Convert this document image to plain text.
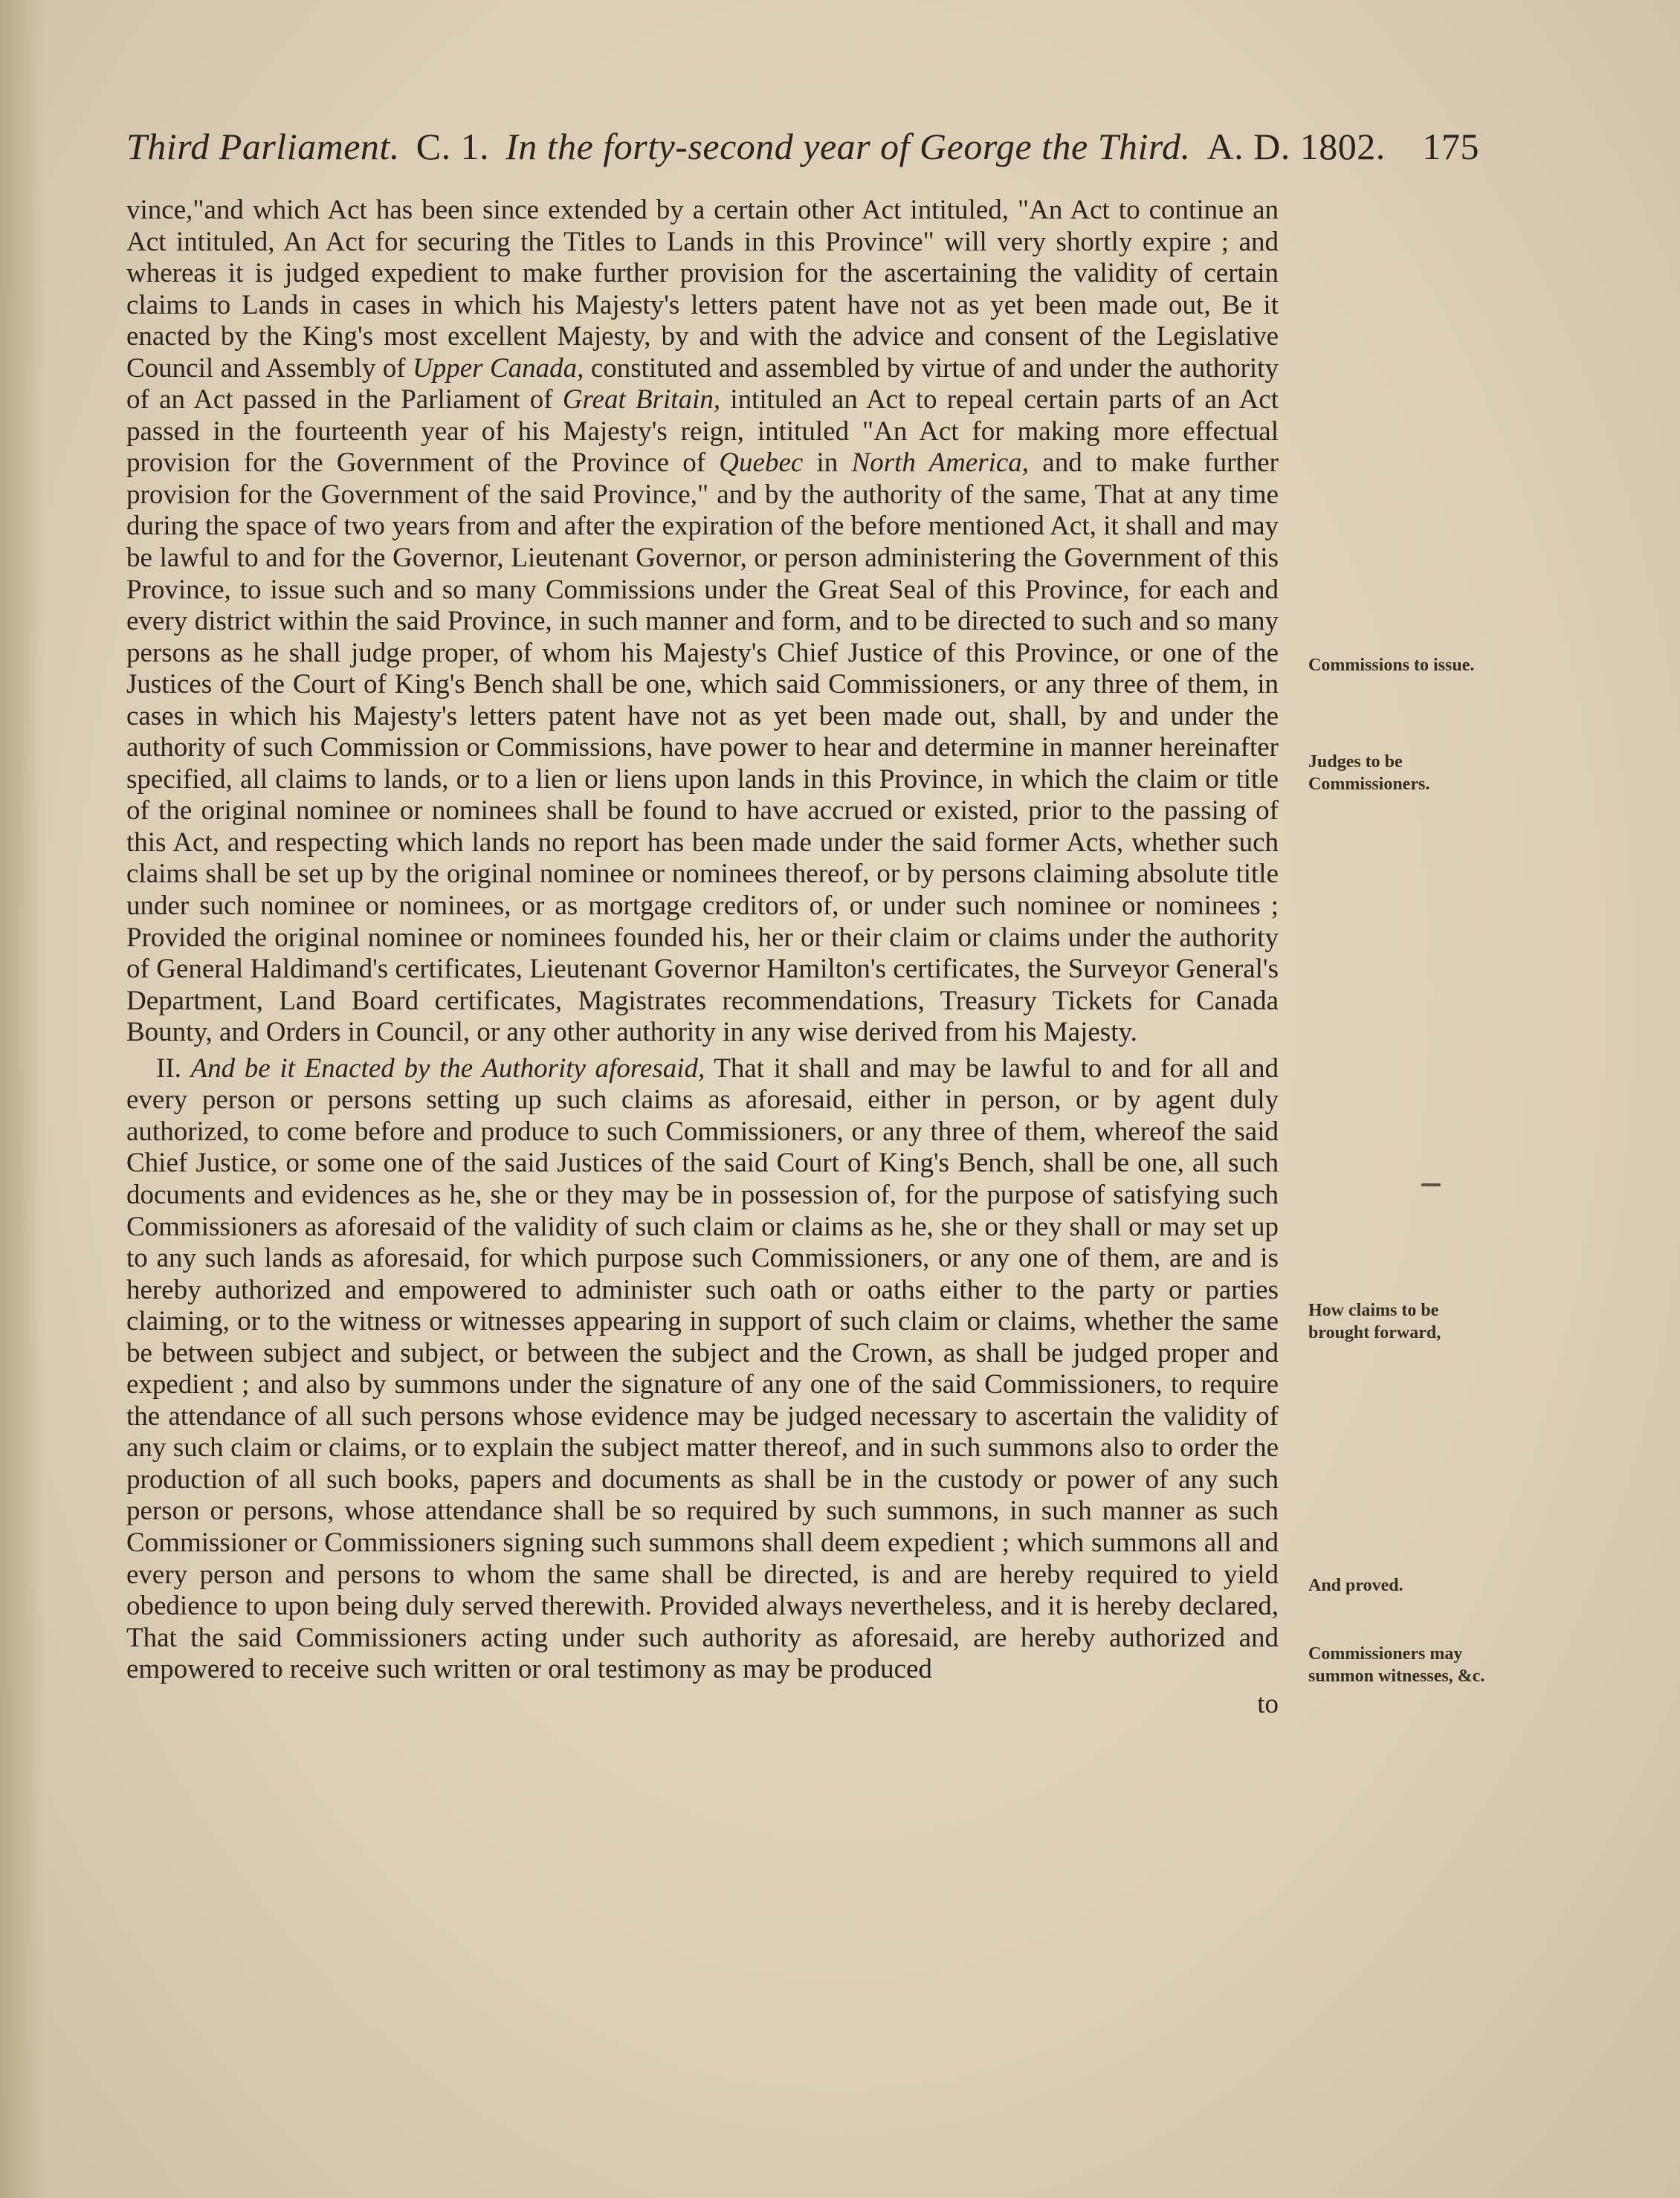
Third Parliament. C. 1. In the forty-second year of George the Third. A. D. 1802. 175

vince,"and which Act has been since extended by a certain other Act intituled, "An Act to continue an Act intituled, An Act for securing the Titles to Lands in this Province" will very shortly expire ; and whereas it is judged expedient to make further provision for the ascertaining the validity of certain claims to Lands in cases in which his Majesty's letters patent have not as yet been made out, Be it enacted by the King's most excellent Majesty, by and with the advice and consent of the Legislative Council and Assembly of Upper Canada, constituted and assembled by virtue of and under the authority of an Act passed in the Parliament of Great Britain, intituled an Act to repeal certain parts of an Act passed in the fourteenth year of his Majesty's reign, intituled "An Act for making more effectual provision for the Government of the Province of Quebec in North America, and to make further provision for the Government of the said Province," and by the authority of the same, That at any time during the space of two years from and after the expiration of the before mentioned Act, it shall and may be lawful to and for the Governor, Lieutenant Governor, or person administering the Government of this Province, to issue such and so many Commissions under the Great Seal of this Province, for each and every district within the said Province, in such manner and form, and to be directed to such and so many persons as he shall judge proper, of whom his Majesty's Chief Justice of this Province, or one of the Justices of the Court of King's Bench shall be one, which said Commissioners, or any three of them, in cases in which his Majesty's letters patent have not as yet been made out, shall, by and under the authority of such Commission or Commissions, have power to hear and determine in manner hereinafter specified, all claims to lands, or to a lien or liens upon lands in this Province, in which the claim or title of the original nominee or nominees shall be found to have accrued or existed, prior to the passing of this Act, and respecting which lands no report has been made under the said former Acts, whether such claims shall be set up by the original nominee or nominees thereof, or by persons claiming absolute title under such nominee or nominees, or as mortgage creditors of, or under such nominee or nominees ; Provided the original nominee or nominees founded his, her or their claim or claims under the authority of General Haldimand's certificates, Lieutenant Governor Hamilton's certificates, the Surveyor General's Department, Land Board certificates, Magistrates recommendations, Treasury Tickets for Canada Bounty, and Orders in Council, or any other authority in any wise derived from his Majesty.

II. And be it Enacted by the Authority aforesaid, That it shall and may be lawful to and for all and every person or persons setting up such claims as aforesaid, either in person, or by agent duly authorized, to come before and produce to such Commissioners, or any three of them, whereof the said Chief Justice, or some one of the said Justices of the said Court of King's Bench, shall be one, all such documents and evidences as he, she or they may be in possession of, for the purpose of satisfying such Commissioners as aforesaid of the validity of such claim or claims as he, she or they shall or may set up to any such lands as aforesaid, for which purpose such Commissioners, or any one of them, are and is hereby authorized and empowered to administer such oath or oaths either to the party or parties claiming, or to the witness or witnesses appearing in support of such claim or claims, whether the same be between subject and subject, or between the subject and the Crown, as shall be judged proper and expedient ; and also by summons under the signature of any one of the said Commissioners, to require the attendance of all such persons whose evidence may be judged necessary to ascertain the validity of any such claim or claims, or to explain the subject matter thereof, and in such summons also to order the production of all such books, papers and documents as shall be in the custody or power of any such person or persons, whose attendance shall be so required by such summons, in such manner as such Commissioner or Commissioners signing such summons shall deem expedient ; which summons all and every person and persons to whom the same shall be directed, is and are hereby required to yield obedience to upon being duly served therewith. Provided always nevertheless, and it is hereby declared, That the said Commissioners acting under such authority as aforesaid, are hereby authorized and empowered to receive such written or oral testimony as may be produced

to
Commissions to issue.
Judges to be Commissioners.
How claims to be brought forward,
And proved.
Commissioners may summon witnesses, &c.
